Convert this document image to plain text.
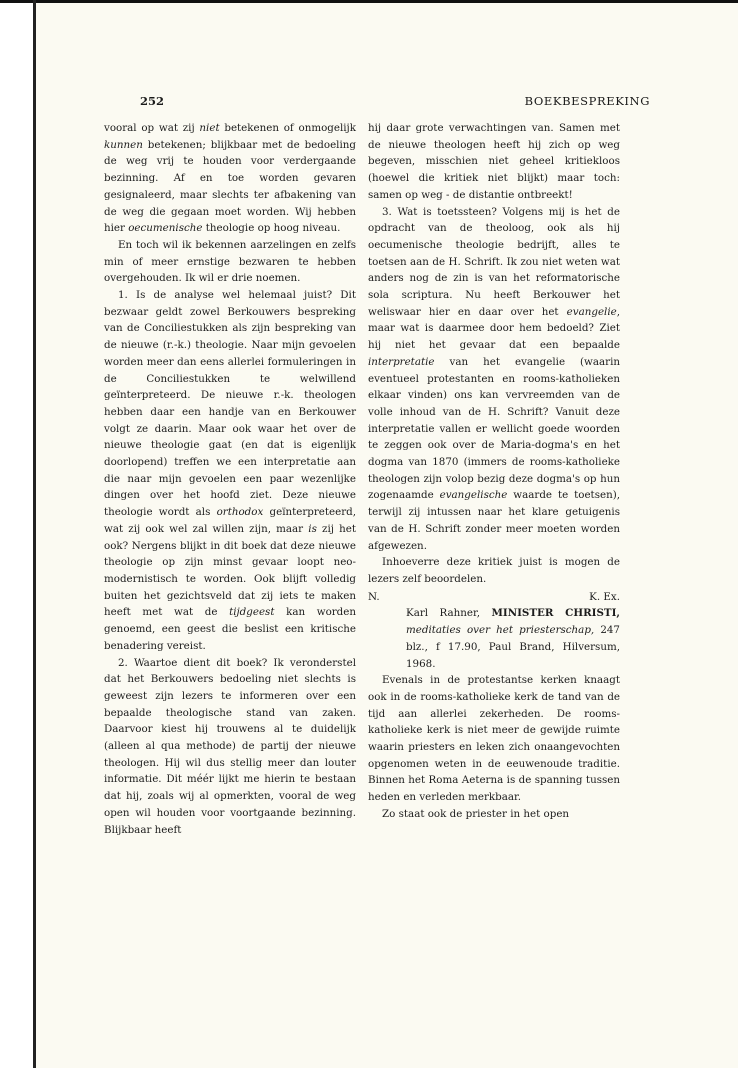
252	BOEKBESPREKING

vooral op wat zij niet betekenen of onmogelijk kunnen betekenen; blijkbaar met de bedoeling de weg vrij te houden voor verdergaande bezinning. Af en toe worden gevaren gesignaleerd, maar slechts ter afbakening van de weg die gegaan moet worden. Wij hebben hier oecumenische theologie op hoog niveau.

En toch wil ik bekennen aarzelingen en zelfs min of meer ernstige bezwaren te hebben overgehouden. Ik wil er drie noemen.

1. Is de analyse wel helemaal juist? Dit bezwaar geldt zowel Berkouwers bespreking van de Conciliestukken als zijn bespreking van de nieuwe (r.-k.) theologie. Naar mijn gevoelen worden meer dan eens allerlei formuleringen in de Conciliestukken te welwillend geïnterpreteerd. De nieuwe r.-k. theologen hebben daar een handje van en Berkouwer volgt ze daarin. Maar ook waar het over de nieuwe theologie gaat (en dat is eigenlijk doorlopend) treffen we een interpretatie aan die naar mijn gevoelen een paar wezenlijke dingen over het hoofd ziet. Deze nieuwe theologie wordt als orthodox geïnterpreteerd, wat zij ook wel zal willen zijn, maar is zij het ook? Nergens blijkt in dit boek dat deze nieuwe theologie op zijn minst gevaar loopt neo-modernistisch te worden. Ook blijft volledig buiten het gezichtsveld dat zij iets te maken heeft met wat de tijdgeest kan worden genoemd, een geest die beslist een kritische benadering vereist.

2. Waartoe dient dit boek? Ik veronderstel dat het Berkouwers bedoeling niet slechts is geweest zijn lezers te informeren over een bepaalde theologische stand van zaken. Daarvoor kiest hij trouwens al te duidelijk (alleen al qua methode) de partij der nieuwe theologen. Hij wil dus stellig meer dan louter informatie. Dit méér lijkt me hierin te bestaan dat hij, zoals wij al opmerkten, vooral de weg open wil houden voor voortgaande bezinning. Blijkbaar heeft

hij daar grote verwachtingen van. Samen met de nieuwe theologen heeft hij zich op weg begeven, misschien niet geheel kritiekloos (hoewel die kritiek niet blijkt) maar toch: samen op weg - de distantie ontbreekt!

3. Wat is toetssteen? Volgens mij is het de opdracht van de theoloog, ook als hij oecumenische theologie bedrijft, alles te toetsen aan de H. Schrift. Ik zou niet weten wat anders nog de zin is van het reformatorische sola scriptura. Nu heeft Berkouwer het weliswaar hier en daar over het evangelie, maar wat is daarmee door hem bedoeld? Ziet hij niet het gevaar dat een bepaalde interpretatie van het evangelie (waarin eventueel protestanten en rooms-katholieken elkaar vinden) ons kan vervreemden van de volle inhoud van de H. Schrift? Vanuit deze interpretatie vallen er wellicht goede woorden te zeggen ook over de Maria-dogma's en het dogma van 1870 (immers de rooms-katholieke theologen zijn volop bezig deze dogma's op hun zogenaamde evangelische waarde te toetsen), terwijl zij intussen naar het klare getuigenis van de H. Schrift zonder meer moeten worden afgewezen.

Inhoeverre deze kritiek juist is mogen de lezers zelf beoordelen.

N.	K. Ex.

Karl Rahner, MINISTER CHRISTI, meditaties over het priesterschap, 247 blz., f 17.90, Paul Brand, Hilversum, 1968.

Evenals in de protestantse kerken knaagt ook in de rooms-katholieke kerk de tand van de tijd aan allerlei zekerheden. De rooms-katholieke kerk is niet meer de gewijde ruimte waarin priesters en leken zich onaangevochten opgenomen weten in de eeuwenoude traditie. Binnen het Roma Aeterna is de spanning tussen heden en verleden merkbaar.

Zo staat ook de priester in het open
